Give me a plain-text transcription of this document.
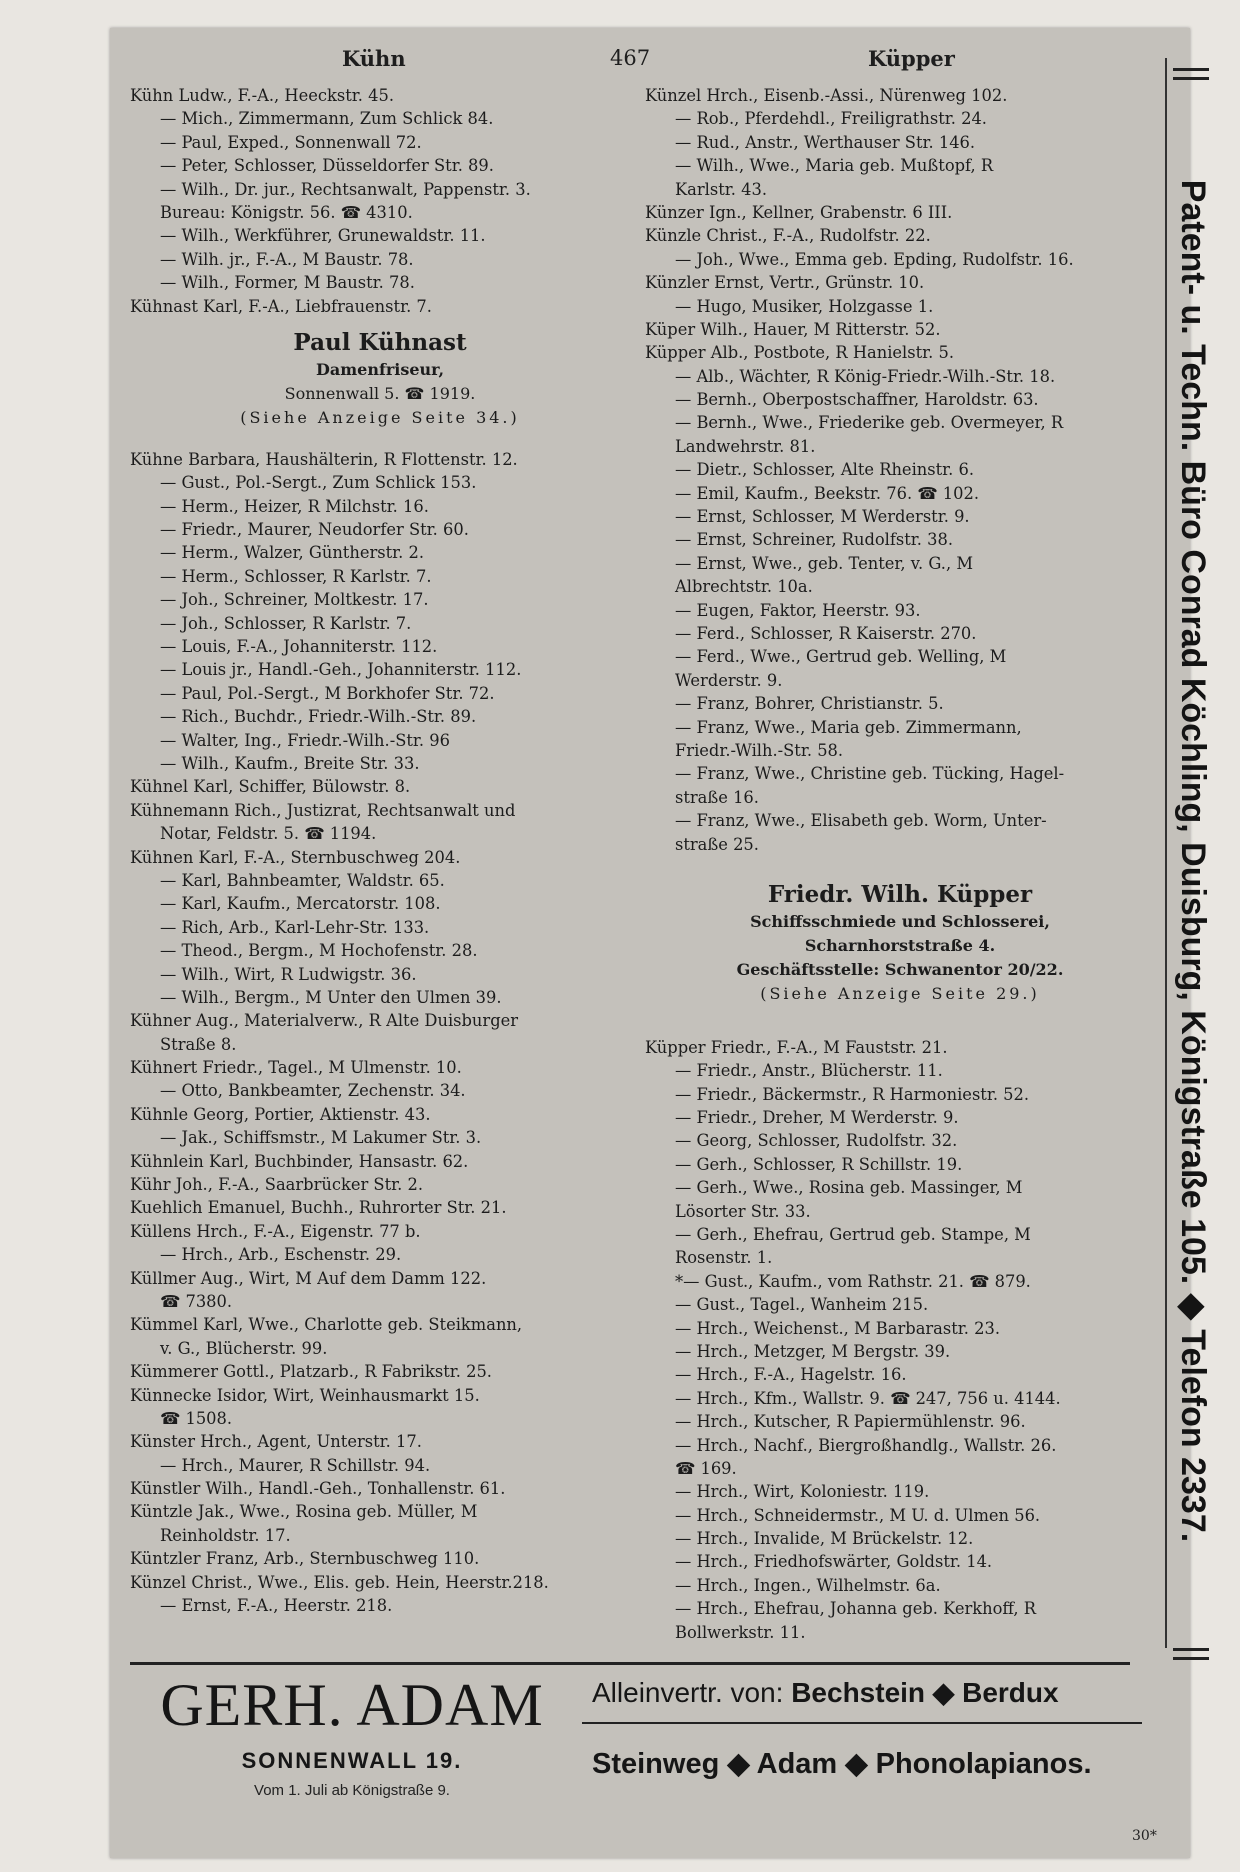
Kühn	467	Küpper
Kühn Ludw., F.-A., Heeckstr. 45.
— Mich., Zimmermann, Zum Schlick 84.
— Paul, Exped., Sonnenwall 72.
— Peter, Schlosser, Düsseldorfer Str. 89.
— Wilh., Dr. jur., Rechtsanwalt, Pappenstr. 3.
Bureau: Königstr. 56. ☎ 4310.
— Wilh., Werkführer, Grunewaldstr. 11.
— Wilh. jr., F.-A., M Baustr. 78.
— Wilh., Former, M Baustr. 78.
Kühnast Karl, F.-A., Liebfrauenstr. 7.
Paul Kühnast
Damenfriseur,
Sonnenwall 5. ☎ 1919.
(Siehe Anzeige Seite 34.)
Kühne Barbara, Haushälterin, R Flottenstr. 12.
— Gust., Pol.-Sergt., Zum Schlick 153.
— Herm., Heizer, R Milchstr. 16.
— Friedr., Maurer, Neudorfer Str. 60.
— Herm., Walzer, Güntherstr. 2.
— Herm., Schlosser, R Karlstr. 7.
— Joh., Schreiner, Moltkestr. 17.
— Joh., Schlosser, R Karlstr. 7.
— Louis, F.-A., Johanniterstr. 112.
— Louis jr., Handl.-Geh., Johanniterstr. 112.
— Paul, Pol.-Sergt., M Borkhofer Str. 72.
— Rich., Buchdr., Friedr.-Wilh.-Str. 89.
— Walter, Ing., Friedr.-Wilh.-Str. 96
— Wilh., Kaufm., Breite Str. 33.
Kühnel Karl, Schiffer, Bülowstr. 8.
Kühnemann Rich., Justizrat, Rechtsanwalt und
Notar, Feldstr. 5. ☎ 1194.
Kühnen Karl, F.-A., Sternbuschweg 204.
— Karl, Bahnbeamter, Waldstr. 65.
— Karl, Kaufm., Mercatorstr. 108.
— Rich, Arb., Karl-Lehr-Str. 133.
— Theod., Bergm., M Hochofenstr. 28.
— Wilh., Wirt, R Ludwigstr. 36.
— Wilh., Bergm., M Unter den Ulmen 39.
Kühner Aug., Materialverw., R Alte Duisburger
Straße 8.
Kühnert Friedr., Tagel., M Ulmenstr. 10.
— Otto, Bankbeamter, Zechenstr. 34.
Kühnle Georg, Portier, Aktienstr. 43.
— Jak., Schiffsmstr., M Lakumer Str. 3.
Kühnlein Karl, Buchbinder, Hansastr. 62.
Kühr Joh., F.-A., Saarbrücker Str. 2.
Kuehlich Emanuel, Buchh., Ruhrorter Str. 21.
Küllens Hrch., F.-A., Eigenstr. 77 b.
— Hrch., Arb., Eschenstr. 29.
Küllmer Aug., Wirt, M Auf dem Damm 122.
☎ 7380.
Kümmel Karl, Wwe., Charlotte geb. Steikmann,
v. G., Blücherstr. 99.
Kümmerer Gottl., Platzarb., R Fabrikstr. 25.
Künnecke Isidor, Wirt, Weinhausmarkt 15.
☎ 1508.
Künster Hrch., Agent, Unterstr. 17.
— Hrch., Maurer, R Schillstr. 94.
Künstler Wilh., Handl.-Geh., Tonhallenstr. 61.
Küntzle Jak., Wwe., Rosina geb. Müller, M
Reinholdstr. 17.
Küntzler Franz, Arb., Sternbuschweg 110.
Künzel Christ., Wwe., Elis. geb. Hein, Heerstr.218.
— Ernst, F.-A., Heerstr. 218.
Künzel Hrch., Eisenb.-Assi., Nürenweg 102.
— Rob., Pferdehdl., Freiligrathstr. 24.
— Rud., Anstr., Werthauser Str. 146.
— Wilh., Wwe., Maria geb. Mußtopf, R
Karlstr. 43.
Künzer Ign., Kellner, Grabenstr. 6 III.
Künzle Christ., F.-A., Rudolfstr. 22.
— Joh., Wwe., Emma geb. Epding, Rudolfstr. 16.
Künzler Ernst, Vertr., Grünstr. 10.
— Hugo, Musiker, Holzgasse 1.
Küper Wilh., Hauer, M Ritterstr. 52.
Küpper Alb., Postbote, R Hanielstr. 5.
— Alb., Wächter, R König-Friedr.-Wilh.-Str. 18.
— Bernh., Oberpostschaffner, Haroldstr. 63.
— Bernh., Wwe., Friederike geb. Overmeyer, R
Landwehrstr. 81.
— Dietr., Schlosser, Alte Rheinstr. 6.
— Emil, Kaufm., Beekstr. 76. ☎ 102.
— Ernst, Schlosser, M Werderstr. 9.
— Ernst, Schreiner, Rudolfstr. 38.
— Ernst, Wwe., geb. Tenter, v. G., M
Albrechtstr. 10a.
— Eugen, Faktor, Heerstr. 93.
— Ferd., Schlosser, R Kaiserstr. 270.
— Ferd., Wwe., Gertrud geb. Welling, M
Werderstr. 9.
— Franz, Bohrer, Christianstr. 5.
— Franz, Wwe., Maria geb. Zimmermann,
Friedr.-Wilh.-Str. 58.
— Franz, Wwe., Christine geb. Tücking, Hagel-
straße 16.
— Franz, Wwe., Elisabeth geb. Worm, Unter-
straße 25.
Friedr. Wilh. Küpper
Schiffsschmiede und Schlosserei,
Scharnhorststraße 4.
Geschäftsstelle: Schwanentor 20/22.
(Siehe Anzeige Seite 29.)
Küpper Friedr., F.-A., M Fauststr. 21.
— Friedr., Anstr., Blücherstr. 11.
— Friedr., Bäckermstr., R Harmoniestr. 52.
— Friedr., Dreher, M Werderstr. 9.
— Georg, Schlosser, Rudolfstr. 32.
— Gerh., Schlosser, R Schillstr. 19.
— Gerh., Wwe., Rosina geb. Massinger, M
Lösorter Str. 33.
— Gerh., Ehefrau, Gertrud geb. Stampe, M
Rosenstr. 1.
*— Gust., Kaufm., vom Rathstr. 21. ☎ 879.
— Gust., Tagel., Wanheim 215.
— Hrch., Weichenst., M Barbarastr. 23.
— Hrch., Metzger, M Bergstr. 39.
— Hrch., F.-A., Hagelstr. 16.
— Hrch., Kfm., Wallstr. 9. ☎ 247, 756 u. 4144.
— Hrch., Kutscher, R Papiermühlenstr. 96.
— Hrch., Nachf., Biergroßhandlg., Wallstr. 26.
☎ 169.
— Hrch., Wirt, Koloniestr. 119.
— Hrch., Schneidermstr., M U. d. Ulmen 56.
— Hrch., Invalide, M Brückelstr. 12.
— Hrch., Friedhofswärter, Goldstr. 14.
— Hrch., Ingen., Wilhelmstr. 6a.
— Hrch., Ehefrau, Johanna geb. Kerkhoff, R
Bollwerkstr. 11.
Patent- u. Techn. Büro Conrad Köchling, Duisburg, Königstraße 105. ◆ Telefon 2337.
GERH. ADAM
SONNENWALL 19.
Vom 1. Juli ab Königstraße 9.
Alleinvertr. von: Bechstein ◆ Berdux
Steinweg ◆ Adam ◆ Phonolapianos.
30*
